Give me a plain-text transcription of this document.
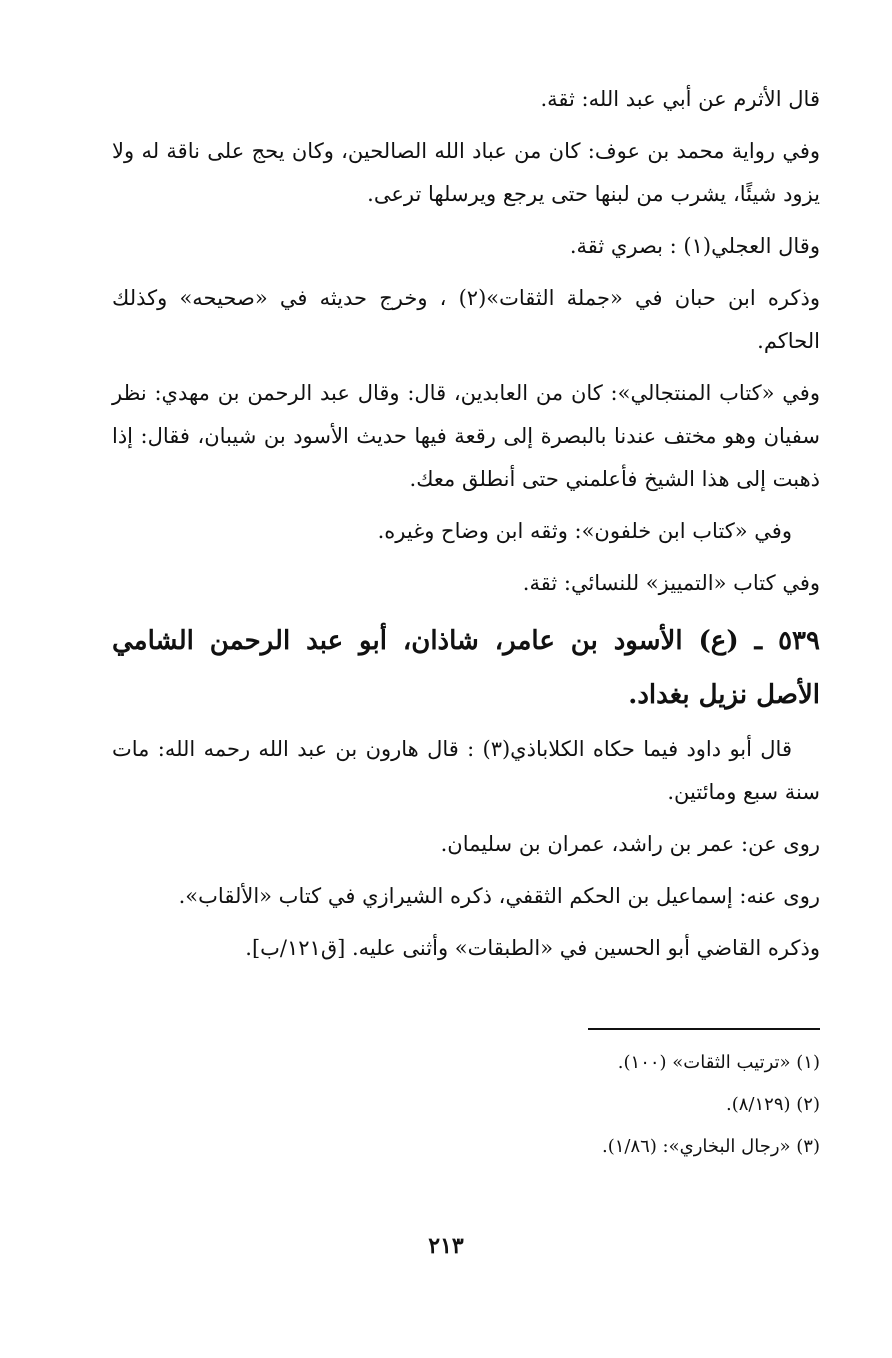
قال الأثرم عن أبي عبد الله: ثقة.

وفي رواية محمد بن عوف: كان من عباد الله الصالحين، وكان يحج على ناقة له ولا يزود شيئًا، يشرب من لبنها حتى يرجع ويرسلها ترعى.

وقال العجلي(١) : بصري ثقة.

وذكره ابن حبان في «جملة الثقات»(٢) ، وخرج حديثه في «صحيحه» وكذلك الحاكم.

وفي «كتاب المنتجالي»: كان من العابدين، قال: وقال عبد الرحمن بن مهدي: نظر سفيان وهو مختف عندنا بالبصرة إلى رقعة فيها حديث الأسود بن شيبان، فقال: إذا ذهبت إلى هذا الشيخ فأعلمني حتى أنطلق معك.

وفي «كتاب ابن خلفون»: وثقه ابن وضاح وغيره.

وفي كتاب «التمييز» للنسائي: ثقة.

٥٣٩ ـ (ع) الأسود بن عامر، شاذان، أبو عبد الرحمن الشامي الأصل نزيل بغداد.

قال أبو داود فيما حكاه الكلاباذي(٣) : قال هارون بن عبد الله رحمه الله: مات سنة سبع ومائتين.

روى عن: عمر بن راشد، عمران بن سليمان.

روى عنه: إسماعيل بن الحكم الثقفي، ذكره الشيرازي في كتاب «الألقاب».

وذكره القاضي أبو الحسين في «الطبقات» وأثنى عليه. [ق١٢١/ب].

(١) «ترتيب الثقات» (١٠٠).

(٢) (٨/١٢٩).

(٣) «رجال البخاري»: (١/٨٦).

٢١٣
